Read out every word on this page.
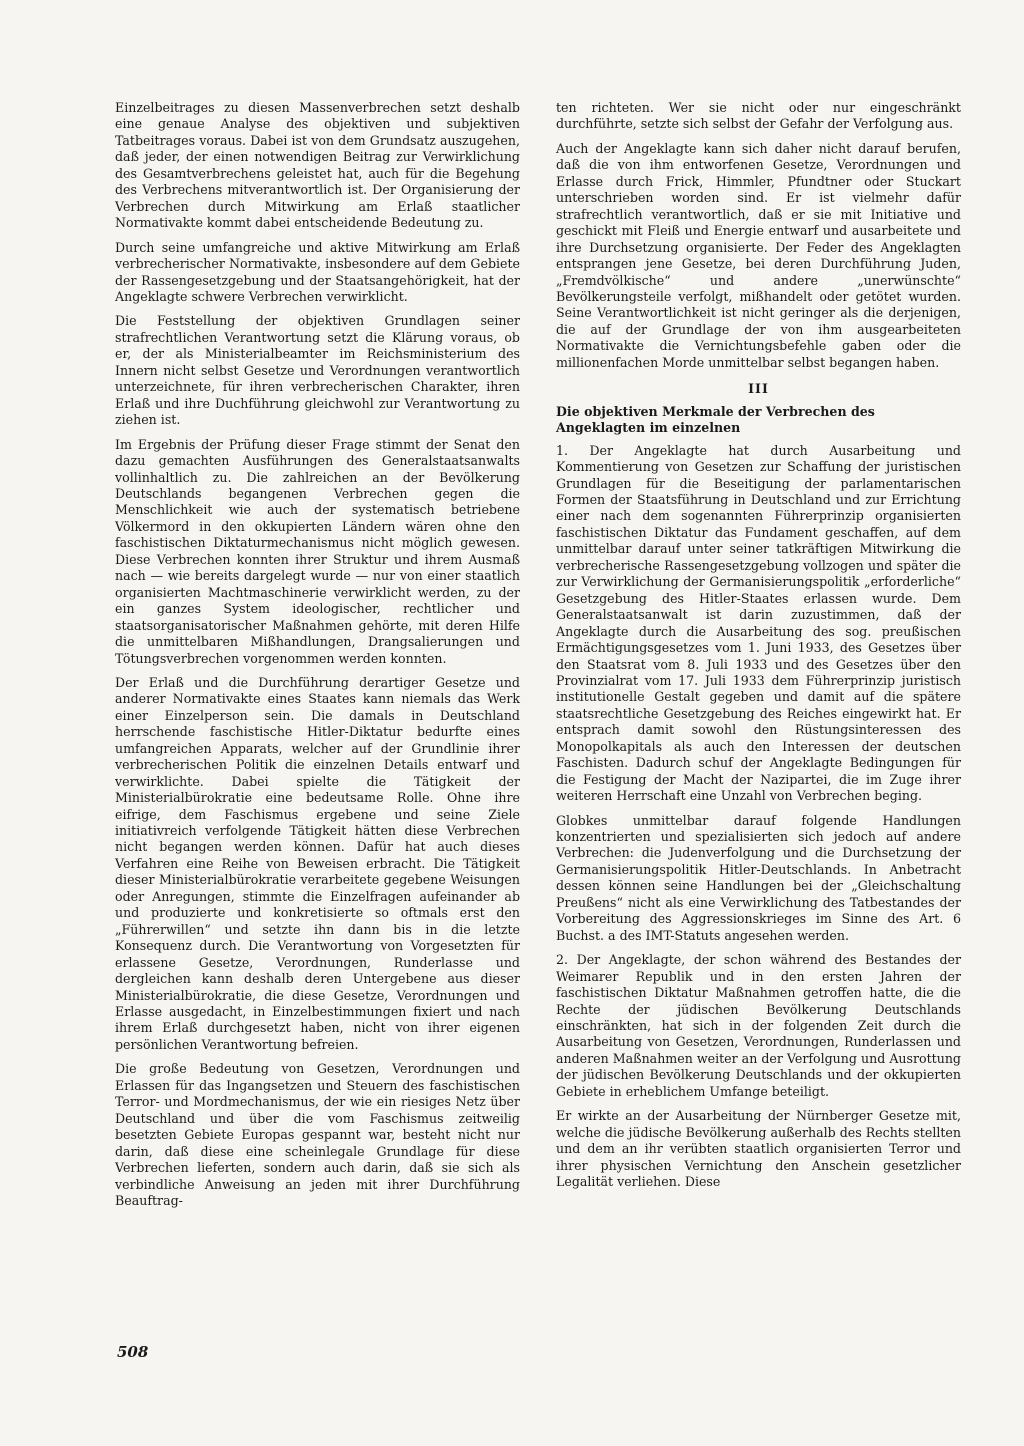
Einzelbeitrages zu diesen Massenverbrechen setzt deshalb eine genaue Analyse des objektiven und subjektiven Tatbeitrages voraus. Dabei ist von dem Grundsatz auszugehen, daß jeder, der einen notwendigen Beitrag zur Verwirklichung des Gesamtverbrechens geleistet hat, auch für die Begehung des Verbrechens mitverantwortlich ist. Der Organisierung der Verbrechen durch Mitwirkung am Erlaß staatlicher Normativakte kommt dabei entscheidende Bedeutung zu.

Durch seine umfangreiche und aktive Mitwirkung am Erlaß verbrecherischer Normativakte, insbesondere auf dem Gebiete der Rassengesetzgebung und der Staatsangehörigkeit, hat der Angeklagte schwere Verbrechen verwirklicht.

Die Feststellung der objektiven Grundlagen seiner strafrechtlichen Verantwortung setzt die Klärung voraus, ob er, der als Ministerialbeamter im Reichsministerium des Innern nicht selbst Gesetze und Verordnungen verantwortlich unterzeichnete, für ihren verbrecherischen Charakter, ihren Erlaß und ihre Duchführung gleichwohl zur Verantwortung zu ziehen ist.

Im Ergebnis der Prüfung dieser Frage stimmt der Senat den dazu gemachten Ausführungen des Generalstaatsanwalts vollinhaltlich zu. Die zahlreichen an der Bevölkerung Deutschlands begangenen Verbrechen gegen die Menschlichkeit wie auch der systematisch betriebene Völkermord in den okkupierten Ländern wären ohne den faschistischen Diktaturmechanismus nicht möglich gewesen. Diese Verbrechen konnten ihrer Struktur und ihrem Ausmaß nach — wie bereits dargelegt wurde — nur von einer staatlich organisierten Machtmaschinerie verwirklicht werden, zu der ein ganzes System ideologischer, rechtlicher und staatsorganisatorischer Maßnahmen gehörte, mit deren Hilfe die unmittelbaren Mißhandlungen, Drangsalierungen und Tötungsverbrechen vorgenommen werden konnten.

Der Erlaß und die Durchführung derartiger Gesetze und anderer Normativakte eines Staates kann niemals das Werk einer Einzelperson sein. Die damals in Deutschland herrschende faschistische Hitler-Diktatur bedurfte eines umfangreichen Apparats, welcher auf der Grundlinie ihrer verbrecherischen Politik die einzelnen Details entwarf und verwirklichte. Dabei spielte die Tätigkeit der Ministerialbürokratie eine bedeutsame Rolle. Ohne ihre eifrige, dem Faschismus ergebene und seine Ziele initiativreich verfolgende Tätigkeit hätten diese Verbrechen nicht begangen werden können. Dafür hat auch dieses Verfahren eine Reihe von Beweisen erbracht. Die Tätigkeit dieser Ministerialbürokratie verarbeitete gegebene Weisungen oder Anregungen, stimmte die Einzelfragen aufeinander ab und produzierte und konkretisierte so oftmals erst den „Führerwillen“ und setzte ihn dann bis in die letzte Konsequenz durch. Die Verantwortung von Vorgesetzten für erlassene Gesetze, Verordnungen, Runderlasse und dergleichen kann deshalb deren Untergebene aus dieser Ministerialbürokratie, die diese Gesetze, Verordnungen und Erlasse ausgedacht, in Einzelbestimmungen fixiert und nach ihrem Erlaß durchgesetzt haben, nicht von ihrer eigenen persönlichen Verantwortung befreien.

Die große Bedeutung von Gesetzen, Verordnungen und Erlassen für das Ingangsetzen und Steuern des faschistischen Terror- und Mordmechanismus, der wie ein riesiges Netz über Deutschland und über die vom Faschismus zeitweilig besetzten Gebiete Europas gespannt war, besteht nicht nur darin, daß diese eine scheinlegale Grundlage für diese Verbrechen lieferten, sondern auch darin, daß sie sich als verbindliche Anweisung an jeden mit ihrer Durchführung Beauftrag-

ten richteten. Wer sie nicht oder nur eingeschränkt durchführte, setzte sich selbst der Gefahr der Verfolgung aus.

Auch der Angeklagte kann sich daher nicht darauf berufen, daß die von ihm entworfenen Gesetze, Verordnungen und Erlasse durch Frick, Himmler, Pfundtner oder Stuckart unterschrieben worden sind. Er ist vielmehr dafür strafrechtlich verantwortlich, daß er sie mit Initiative und geschickt mit Fleiß und Energie entwarf und ausarbeitete und ihre Durchsetzung organisierte. Der Feder des Angeklagten entsprangen jene Gesetze, bei deren Durchführung Juden, „Fremdvölkische“ und andere „unerwünschte“ Bevölkerungsteile verfolgt, mißhandelt oder getötet wurden. Seine Verantwortlichkeit ist nicht geringer als die derjenigen, die auf der Grundlage der von ihm ausgearbeiteten Normativakte die Vernichtungsbefehle gaben oder die millionenfachen Morde unmittelbar selbst begangen haben.

III
Die objektiven Merkmale der Verbrechen des Angeklagten im einzelnen

1. Der Angeklagte hat durch Ausarbeitung und Kommentierung von Gesetzen zur Schaffung der juristischen Grundlagen für die Beseitigung der parlamentarischen Formen der Staatsführung in Deutschland und zur Errichtung einer nach dem sogenannten Führerprinzip organisierten faschistischen Diktatur das Fundament geschaffen, auf dem unmittelbar darauf unter seiner tatkräftigen Mitwirkung die verbrecherische Rassengesetzgebung vollzogen und später die zur Verwirklichung der Germanisierungspolitik „erforderliche“ Gesetzgebung des Hitler-Staates erlassen wurde. Dem Generalstaatsanwalt ist darin zuzustimmen, daß der Angeklagte durch die Ausarbeitung des sog. preußischen Ermächtigungsgesetzes vom 1. Juni 1933, des Gesetzes über den Staatsrat vom 8. Juli 1933 und des Gesetzes über den Provinzialrat vom 17. Juli 1933 dem Führerprinzip juristisch institutionelle Gestalt gegeben und damit auf die spätere staatsrechtliche Gesetzgebung des Reiches eingewirkt hat. Er entsprach damit sowohl den Rüstungsinteressen des Monopolkapitals als auch den Interessen der deutschen Faschisten. Dadurch schuf der Angeklagte Bedingungen für die Festigung der Macht der Nazipartei, die im Zuge ihrer weiteren Herrschaft eine Unzahl von Verbrechen beging.

Globkes unmittelbar darauf folgende Handlungen konzentrierten und spezialisierten sich jedoch auf andere Verbrechen: die Judenverfolgung und die Durchsetzung der Germanisierungspolitik Hitler-Deutschlands. In Anbetracht dessen können seine Handlungen bei der „Gleichschaltung Preußens“ nicht als eine Verwirklichung des Tatbestandes der Vorbereitung des Aggressionskrieges im Sinne des Art. 6 Buchst. a des IMT-Statuts angesehen werden.

2. Der Angeklagte, der schon während des Bestandes der Weimarer Republik und in den ersten Jahren der faschistischen Diktatur Maßnahmen getroffen hatte, die die Rechte der jüdischen Bevölkerung Deutschlands einschränkten, hat sich in der folgenden Zeit durch die Ausarbeitung von Gesetzen, Verordnungen, Runderlassen und anderen Maßnahmen weiter an der Verfolgung und Ausrottung der jüdischen Bevölkerung Deutschlands und der okkupierten Gebiete in erheblichem Umfange beteiligt.

Er wirkte an der Ausarbeitung der Nürnberger Gesetze mit, welche die jüdische Bevölkerung außerhalb des Rechts stellten und dem an ihr verübten staatlich organisierten Terror und ihrer physischen Vernichtung den Anschein gesetzlicher Legalität verliehen. Diese

508
